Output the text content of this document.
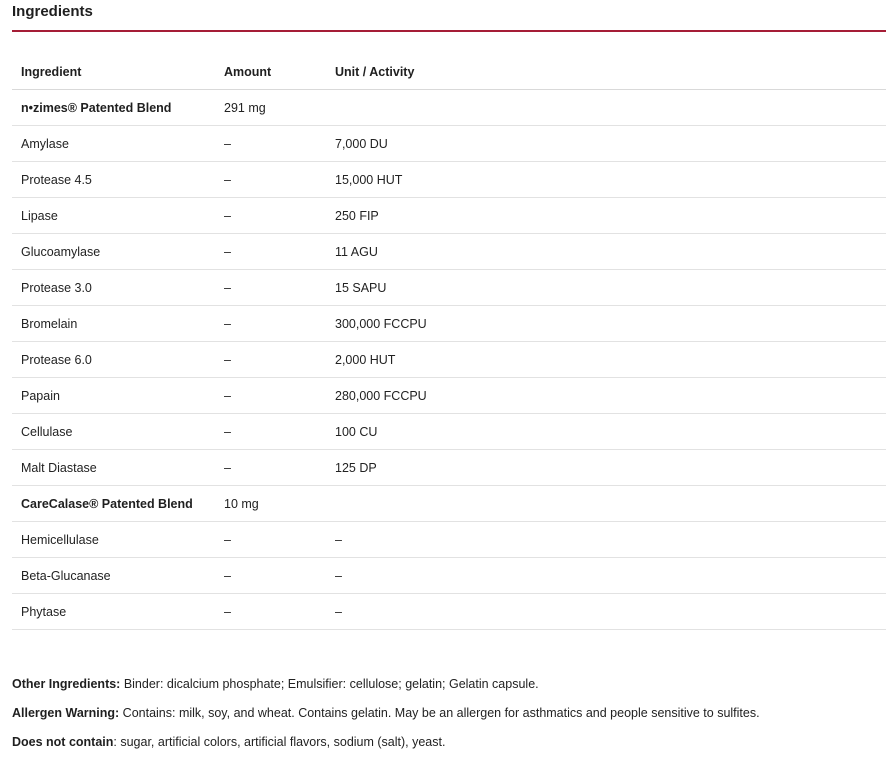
Ingredients
Ingredient	Amount	Unit / Activity
n•zimes® Patented Blend	291 mg	
Amylase	–	7,000 DU
Protease 4.5	–	15,000 HUT
Lipase	–	250 FIP
Glucoamylase	–	11 AGU
Protease 3.0	–	15 SAPU
Bromelain	–	300,000 FCCPU
Protease 6.0	–	2,000 HUT
Papain	–	280,000 FCCPU
Cellulase	–	100 CU
Malt Diastase	–	125 DP
CareCalase® Patented Blend	10 mg	
Hemicellulase	–	–
Beta-Glucanase	–	–
Phytase	–	–

Other Ingredients: Binder: dicalcium phosphate; Emulsifier: cellulose; gelatin; Gelatin capsule.

Allergen Warning: Contains: milk, soy, and wheat. Contains gelatin. May be an allergen for asthmatics and people sensitive to sulfites.

Does not contain: sugar, artificial colors, artificial flavors, sodium (salt), yeast.
